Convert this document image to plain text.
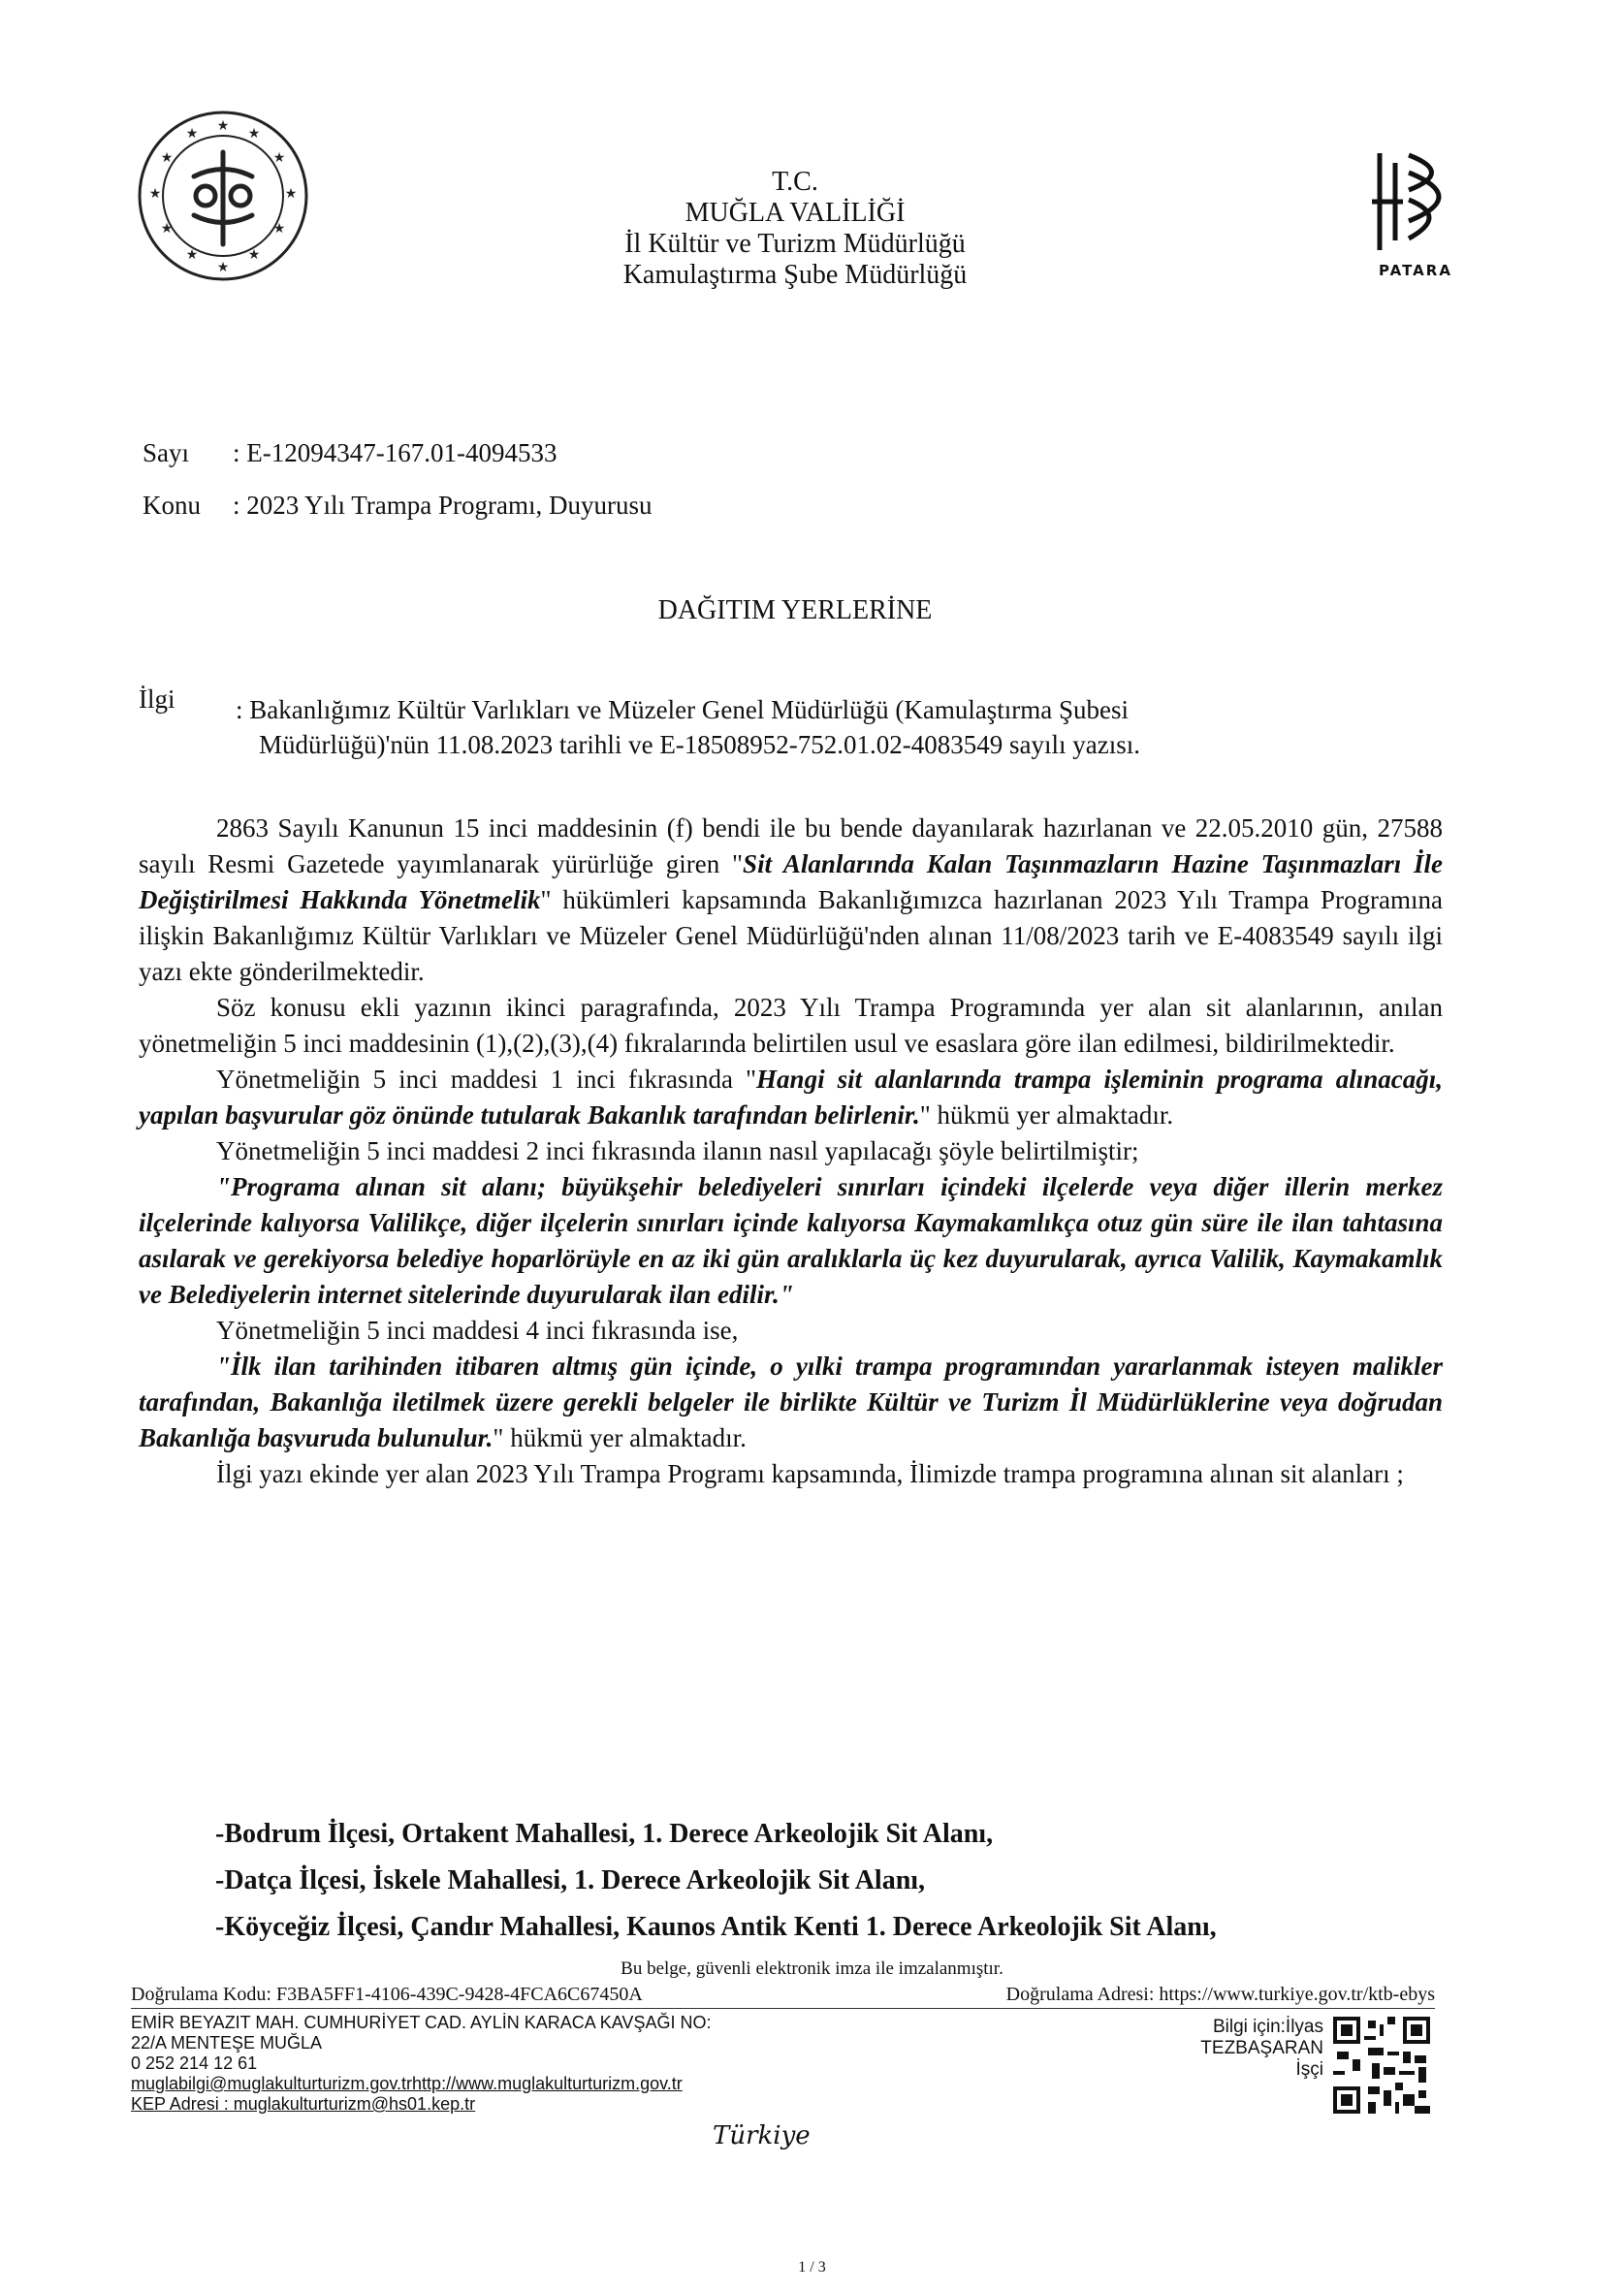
★ ★
★
★
★
★
★
★
★
★
★
★
T.C.
MUĞLA VALİLİĞİ
İl Kültür ve Turizm Müdürlüğü
Kamulaştırma Şube Müdürlüğü	PATARA
Sayı : E-12094347-167.01-4094533
Konu : 2023 Yılı Trampa Programı, Duyurusu
DAĞITIM YERLERİNE
İlgi : Bakanlığımız Kültür Varlıkları ve Müzeler Genel Müdürlüğü (Kamulaştırma Şubesi
Müdürlüğü)'nün 11.08.2023 tarihli ve E-18508952-752.01.02-4083549 sayılı yazısı.

2863 Sayılı Kanunun 15 inci maddesinin (f) bendi ile bu bende dayanılarak hazırlanan ve 22.05.2010 gün, 27588 sayılı Resmi Gazetede yayımlanarak yürürlüğe giren "Sit Alanlarında Kalan Taşınmazların Hazine Taşınmazları İle Değiştirilmesi Hakkında Yönetmelik" hükümleri kapsamında Bakanlığımızca hazırlanan 2023 Yılı Trampa Programına ilişkin Bakanlığımız Kültür Varlıkları ve Müzeler Genel Müdürlüğü'nden alınan 11/08/2023 tarih ve E-4083549 sayılı ilgi yazı ekte gönderilmektedir.

Söz konusu ekli yazının ikinci paragrafında, 2023 Yılı Trampa Programında yer alan sit alanlarının, anılan yönetmeliğin 5 inci maddesinin (1),(2),(3),(4) fıkralarında belirtilen usul ve esaslara göre ilan edilmesi, bildirilmektedir.

Yönetmeliğin 5 inci maddesi 1 inci fıkrasında "Hangi sit alanlarında trampa işleminin programa alınacağı, yapılan başvurular göz önünde tutularak Bakanlık tarafından belirlenir." hükmü yer almaktadır.

Yönetmeliğin 5 inci maddesi 2 inci fıkrasında ilanın nasıl yapılacağı şöyle belirtilmiştir;

"Programa alınan sit alanı; büyükşehir belediyeleri sınırları içindeki ilçelerde veya diğer illerin merkez ilçelerinde kalıyorsa Valilikçe, diğer ilçelerin sınırları içinde kalıyorsa Kaymakamlıkça otuz gün süre ile ilan tahtasına asılarak ve gerekiyorsa belediye hoparlörüyle en az iki gün aralıklarla üç kez duyurularak, ayrıca Valilik, Kaymakamlık ve Belediyelerin internet sitelerinde duyurularak ilan edilir."

Yönetmeliğin 5 inci maddesi 4 inci fıkrasında ise,

"İlk ilan tarihinden itibaren altmış gün içinde, o yılki trampa programından yararlanmak isteyen malikler tarafından, Bakanlığa iletilmek üzere gerekli belgeler ile birlikte Kültür ve Turizm İl Müdürlüklerine veya doğrudan Bakanlığa başvuruda bulunulur." hükmü yer almaktadır.

İlgi yazı ekinde yer alan 2023 Yılı Trampa Programı kapsamında, İlimizde trampa programına alınan sit alanları ;

-Bodrum İlçesi, Ortakent Mahallesi, 1. Derece Arkeolojik Sit Alanı,
-Datça İlçesi, İskele Mahallesi, 1. Derece Arkeolojik Sit Alanı,
-Köyceğiz İlçesi, Çandır Mahallesi, Kaunos Antik Kenti 1. Derece Arkeolojik Sit Alanı,
Bu belge, güvenli elektronik imza ile imzalanmıştır.
Doğrulama Kodu: F3BA5FF1-4106-439C-9428-4FCA6C67450A	Doğrulama Adresi: https://www.turkiye.gov.tr/ktb-ebys
EMİR BEYAZIT MAH. CUMHURİYET CAD. AYLİN KARACA KAVŞAĞI NO:
22/A MENTEŞE MUĞLA
0 252 214 12 61
muglabilgi@muglakulturturizm.gov.trhttp://www.muglakulturturizm.gov.tr
KEP Adresi : muglakulturturizm@hs01.kep.tr
Bilgi için:İlyas
TEZBAŞARAN
İşçi
Türkiye
1 / 3
